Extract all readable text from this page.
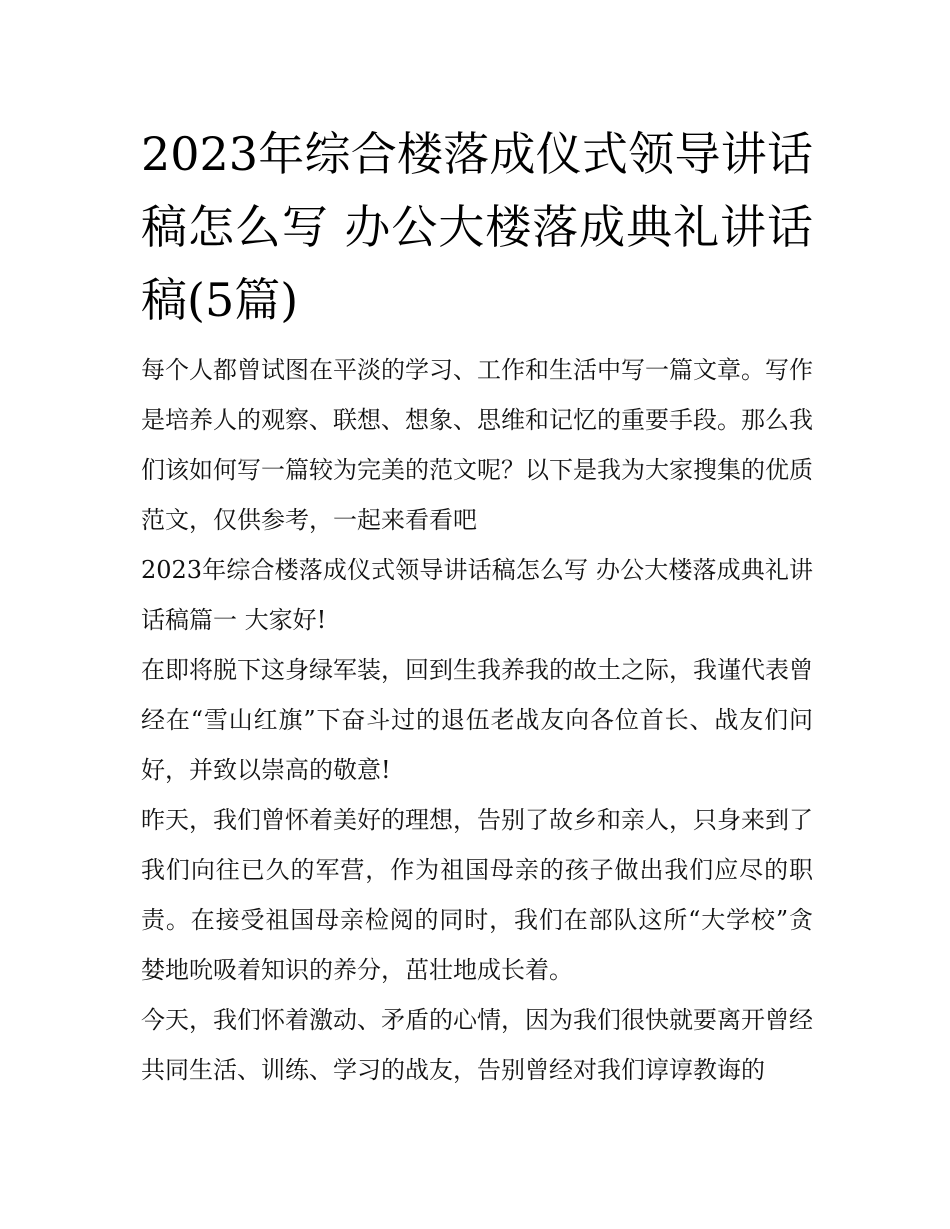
2023年综合楼落成仪式领导讲话稿怎么写 办公大楼落成典礼讲话稿(5篇)

每个人都曾试图在平淡的学习、工作和生活中写一篇文章。写作是培养人的观察、联想、想象、思维和记忆的重要手段。那么我们该如何写一篇较为完美的范文呢？以下是我为大家搜集的优质范文，仅供参考，一起来看看吧

2023年综合楼落成仪式领导讲话稿怎么写 办公大楼落成典礼讲话稿篇一 大家好!

在即将脱下这身绿军装，回到生我养我的故土之际，我谨代表曾经在“雪山红旗”下奋斗过的退伍老战友向各位首长、战友们问好，并致以崇高的敬意!

昨天，我们曾怀着美好的理想，告别了故乡和亲人，只身来到了我们向往已久的军营，作为祖国母亲的孩子做出我们应尽的职责。在接受祖国母亲检阅的同时，我们在部队这所“大学校”贪婪地吮吸着知识的养分，茁壮地成长着。

今天，我们怀着激动、矛盾的心情，因为我们很快就要离开曾经共同生活、训练、学习的战友，告别曾经对我们谆谆教诲的
